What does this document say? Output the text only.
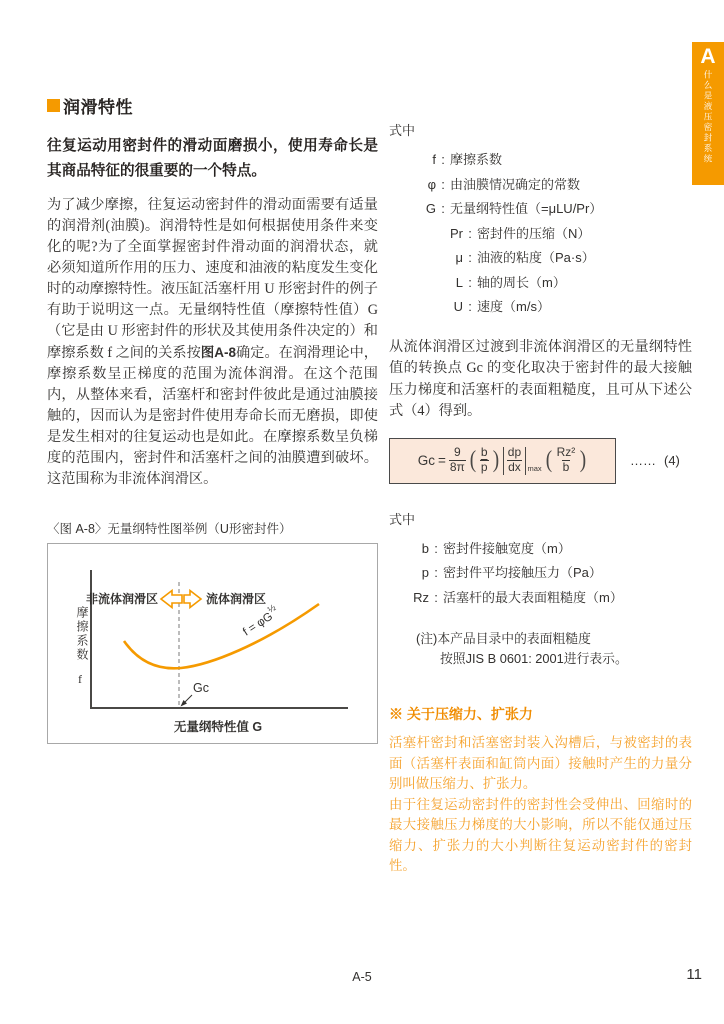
A
什么是液压密封系统
润滑特性

往复运动用密封件的滑动面磨损小，使用寿命长是其商品特征的很重要的一个特点。

为了减少摩擦，往复运动密封件的滑动面需要有适量的润滑剂(油膜)。润滑特性是如何根据使用条件来变化的呢?为了全面掌握密封件滑动面的润滑状态，就必须知道所作用的压力、速度和油液的粘度发生变化时的动摩擦特性。液压缸活塞杆用 U 形密封件的例子有助于说明这一点。无量纲特性值（摩擦特性值）G（它是由 U 形密封件的形状及其使用条件决定的）和摩擦系数 f 之间的关系按图A-8确定。在润滑理论中，摩擦系数呈正梯度的范围为流体润滑。在这个范围内，从整体来看，活塞杆和密封件彼此是通过油膜接触的，因而认为是密封件使用寿命长而无磨损，即使是发生相对的往复运动也是如此。在摩擦系数呈负梯度的范围内，密封件和活塞杆之间的油膜遭到破坏。这范围称为非流体润滑区。

〈图 A-8〉无量纲特性图举例（U形密封件）
摩擦系数
f
非流体润滑区	流体润滑区
$f = \varphi G^{\frac{1}{2}}$
Gc
无量纲特性值 G
式中
f : 摩擦系数
φ : 由油膜情况确定的常数
G : 无量纲特性值（=μLU/Pr）
Pr : 密封件的压缩（N）
μ : 油液的粘度（Pa·s）
L : 轴的周长（m）
U : 速度（m/s）

从流体润滑区过渡到非流体润滑区的无量纲特性值的转换点 Gc 的变化取决于密封件的最大接触压力梯度和活塞杆的表面粗糙度，且可从下述公式（4）得到。

$Gc = \frac{9}{8\pi}$ ( $\frac{b}{p}$ ) $\frac{dp}{dx}$ max ( $\frac{\text{Rz²}}{b}$ )	…… (4)
式中
b : 密封件接触宽度（m）
p : 密封件平均接触压力（Pa）
Rz : 活塞杆的最大表面粗糙度（m）
(注)本产品目录中的表面粗糙度
按照JIS B 0601: 2001进行表示。
※ 关于压缩力、扩张力

活塞杆密封和活塞密封装入沟槽后，与被密封的表面（活塞杆表面和缸筒内面）接触时产生的力量分别叫做压缩力、扩张力。

由于往复运动密封件的密封性会受伸出、回缩时的最大接触压力梯度的大小影响，所以不能仅通过压缩力、扩张力的大小判断往复运动密封件的密封性。

A-5	11
